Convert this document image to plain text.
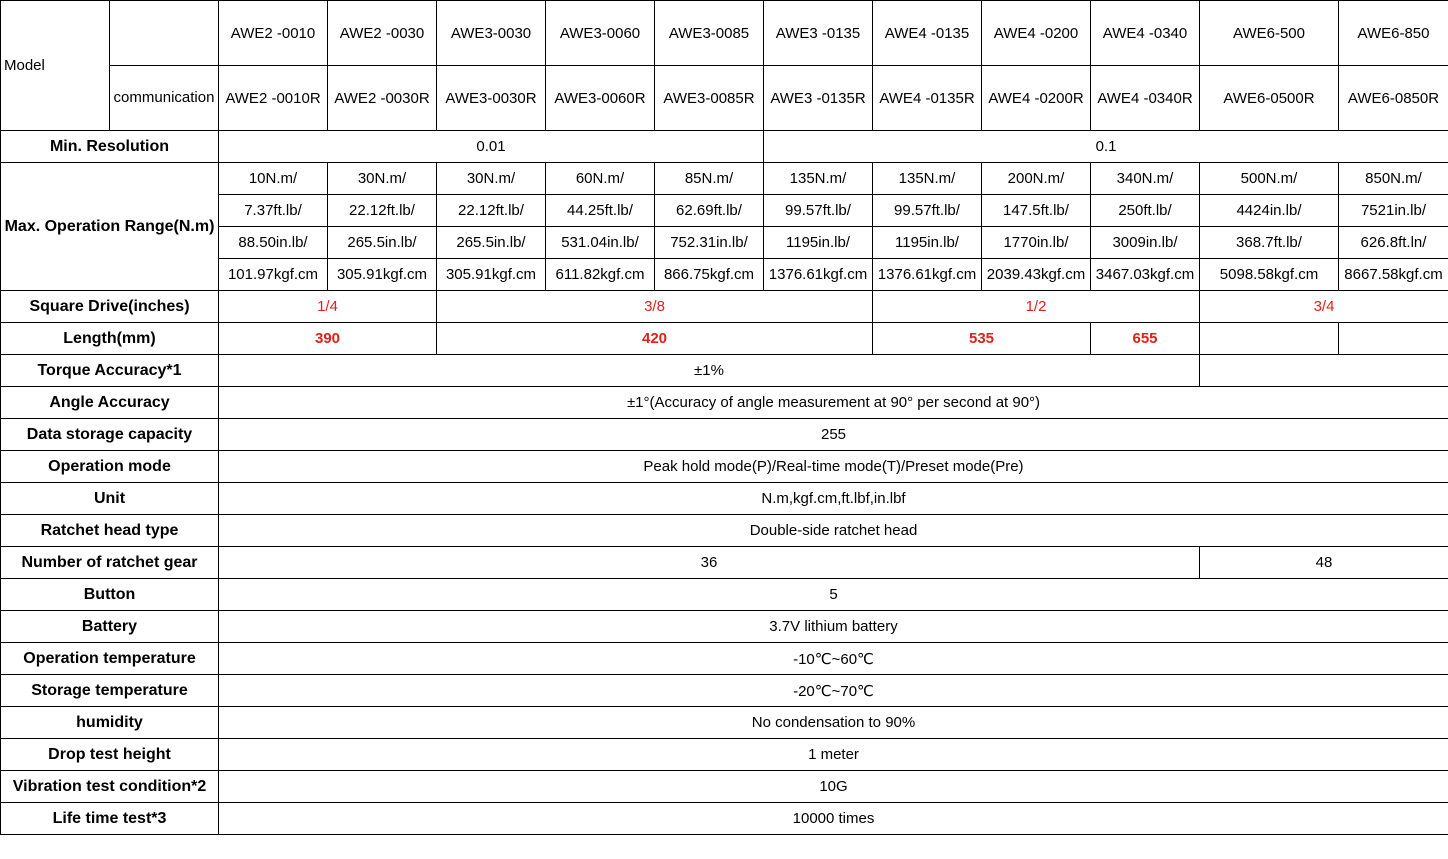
Model		AWE2 -0010	AWE2 -0030	AWE3-0030	AWE3-0060	AWE3-0085	AWE3 -0135	AWE4 -0135	AWE4 -0200	AWE4 -0340	AWE6-500	AWE6-850
	communication	AWE2 -0010R	AWE2 -0030R	AWE3-0030R	AWE3-0060R	AWE3-0085R	AWE3 -0135R	AWE4 -0135R	AWE4 -0200R	AWE4 -0340R	AWE6-0500R	AWE6-0850R
Min. Resolution		0.01					0.1					
Max. Operation Range(N.m)		10N.m/	30N.m/	30N.m/	60N.m/	85N.m/	135N.m/	135N.m/	200N.m/	340N.m/	500N.m/	850N.m/
		7.37ft.lb/	22.12ft.lb/	22.12ft.lb/	44.25ft.lb/	62.69ft.lb/	99.57ft.lb/	99.57ft.lb/	147.5ft.lb/	250ft.lb/	4424in.lb/	7521in.lb/
		88.50in.lb/	265.5in.lb/	265.5in.lb/	531.04in.lb/	752.31in.lb/	1195in.lb/	1195in.lb/	1770in.lb/	3009in.lb/	368.7ft.lb/	626.8ft.ln/
		101.97kgf.cm	305.91kgf.cm	305.91kgf.cm	611.82kgf.cm	866.75kgf.cm	1376.61kgf.cm	1376.61kgf.cm	2039.43kgf.cm	3467.03kgf.cm	5098.58kgf.cm	8667.58kgf.cm
Square Drive(inches)		1/4		3/8				1/2			3/4	
Length(mm)		390		420				535		655		
Torque Accuracy*1		±1%										
Angle Accuracy		±1°(Accuracy of angle measurement at 90° per second at 90°)										
Data storage capacity		255										
Operation mode		Peak hold mode(P)/Real-time mode(T)/Preset mode(Pre)										
Unit		N.m,kgf.cm,ft.lbf,in.lbf										
Ratchet head type		Double-side ratchet head										
Number of ratchet gear		36									48	
Button		5										
Battery		3.7V lithium battery										
Operation temperature		-10℃~60℃										
Storage temperature		-20℃~70℃										
humidity		No condensation to 90%										
Drop test height		1 meter										
Vibration test condition*2		10G										
Life time test*3		10000 times										
